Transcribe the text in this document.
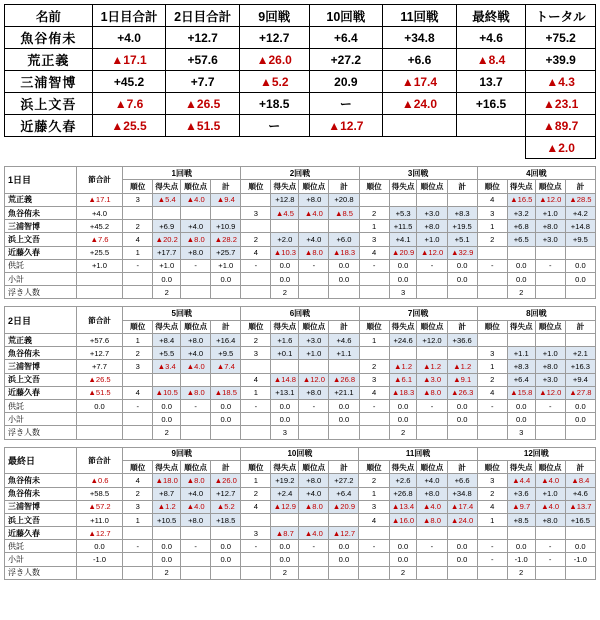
名前	1日目合計	2日目合計	9回戦	10回戦	11回戦	最終戦	トータル
魚谷侑未	+4.0	+12.7	+12.7	+6.4	+34.8	+4.6	+75.2
荒正義	▲17.1	+57.6	▲26.0	+27.2	+6.6	▲8.4	+39.9
三浦智博	+45.2	+7.7	▲5.2	20.9	▲17.4	13.7	▲4.3
浜上文吾	▲7.6	▲26.5	+18.5	ー	▲24.0	+16.5	▲23.1
近藤久春	▲25.5	▲51.5	ー	▲12.7			▲89.7
							▲2.0
1日目	節合計	1回戦				2回戦				3回戦				4回戦			
		順位	得失点	順位点	計	順位	得失点	順位点	計	順位	得失点	順位点	計	順位	得失点	順位点	計
荒正義	▲17.1	3	▲5.4	▲4.0	▲9.4		+12.8	+8.0	+20.8					4	▲16.5	▲12.0	▲28.5
魚谷侑未	+4.0					3	▲4.5	▲4.0	▲8.5	2	+5.3	+3.0	+8.3	3	+3.2	+1.0	+4.2
三浦智博	+45.2	2	+6.9	+4.0	+10.9					1	+11.5	+8.0	+19.5	1	+6.8	+8.0	+14.8
浜上文吾	▲7.6	4	▲20.2	▲8.0	▲28.2	2	+2.0	+4.0	+6.0	3	+4.1	+1.0	+5.1	2	+6.5	+3.0	+9.5
近藤久春	+25.5	1	+17.7	+8.0	+25.7	4	▲10.3	▲8.0	▲18.3	4	▲20.9	▲12.0	▲32.9				
供託	+1.0	-	+1.0	-	+1.0	-	0.0	-	0.0	-	0.0	-	0.0	-	0.0	-	0.0
小計			0.0		0.0		0.0		0.0		0.0		0.0		0.0		0.0
浮き人数			2				2				3				2		
2日目	節合計	5回戦				6回戦				7回戦				8回戦			
		順位	得失点	順位点	計	順位	得失点	順位点	計	順位	得失点	順位点	計	順位	得失点	順位点	計
荒正義	+57.6	1	+8.4	+8.0	+16.4	2	+1.6	+3.0	+4.6	1	+24.6	+12.0	+36.6				
魚谷侑未	+12.7	2	+5.5	+4.0	+9.5	3	+0.1	+1.0	+1.1					3	+1.1	+1.0	+2.1
三浦智博	+7.7	3	▲3.4	▲4.0	▲7.4					2	▲1.2	▲1.2	▲1.2	1	+8.3	+8.0	+16.3
浜上文吾	▲26.5					4	▲14.8	▲12.0	▲26.8	3	▲6.1	▲3.0	▲9.1	2	+6.4	+3.0	+9.4
近藤久春	▲51.5	4	▲10.5	▲8.0	▲18.5	1	+13.1	+8.0	+21.1	4	▲18.3	▲8.0	▲26.3	4	▲15.8	▲12.0	▲27.8
供託	0.0	-	0.0	-	0.0	-	0.0	-	0.0	-	0.0	-	0.0	-	0.0	-	0.0
小計			0.0		0.0		0.0		0.0		0.0		0.0		0.0		0.0
浮き人数			2				3				2				3		
最終日	節合計	9回戦				10回戦				11回戦				12回戦			
		順位	得失点	順位点	計	順位	得失点	順位点	計	順位	得失点	順位点	計	順位	得失点	順位点	計
魚谷侑未	▲0.6	4	▲18.0	▲8.0	▲26.0	1	+19.2	+8.0	+27.2	2	+2.6	+4.0	+6.6	3	▲4.4	▲4.0	▲8.4
魚谷侑未	+58.5	2	+8.7	+4.0	+12.7	2	+2.4	+4.0	+6.4	1	+26.8	+8.0	+34.8	2	+3.6	+1.0	+4.6
三浦智博	▲57.2	3	▲1.2	▲4.0	▲5.2	4	▲12.9	▲8.0	▲20.9	3	▲13.4	▲4.0	▲17.4	4	▲9.7	▲4.0	▲13.7
浜上文吾	+11.0	1	+10.5	+8.0	+18.5					4	▲16.0	▲8.0	▲24.0	1	+8.5	+8.0	+16.5
近藤久春	▲12.7					3	▲8.7	▲4.0	▲12.7								
供託	0.0	-	0.0	-	0.0	-	0.0	-	0.0	-	0.0	-	0.0	-	0.0	-	0.0
小計	-1.0		0.0		0.0		0.0		0.0		0.0		0.0	-	-1.0	-	-1.0
浮き人数			2				2				2				2		
